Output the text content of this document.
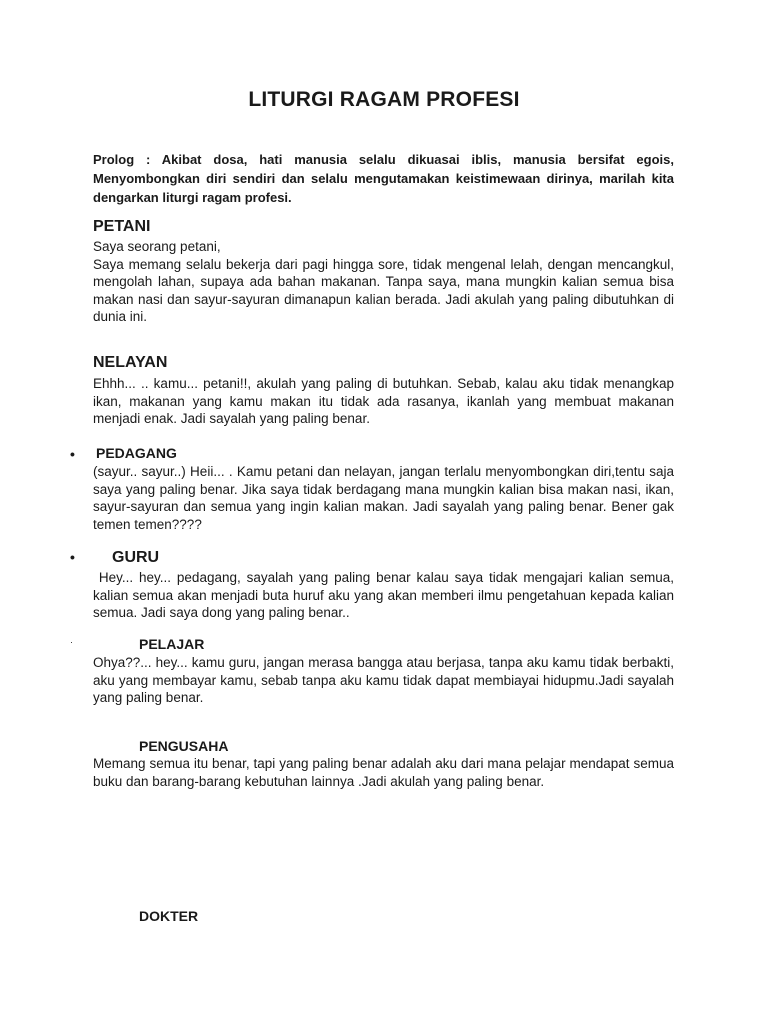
LITURGI RAGAM PROFESI
Prolog : Akibat dosa, hati manusia selalu dikuasai iblis, manusia bersifat egois, Menyombongkan diri sendiri dan selalu mengutamakan keistimewaan dirinya, marilah kita dengarkan liturgi ragam profesi.
PETANI
Saya seorang petani,
Saya memang selalu bekerja dari pagi hingga sore, tidak mengenal lelah, dengan mencangkul, mengolah lahan, supaya ada bahan makanan. Tanpa saya, mana mungkin kalian semua bisa makan nasi dan sayur-sayuran dimanapun kalian berada. Jadi akulah yang paling dibutuhkan di dunia ini.
NELAYAN
Ehhh... .. kamu... petani!!, akulah yang paling di butuhkan. Sebab, kalau aku tidak menangkap ikan, makanan yang kamu makan itu tidak ada rasanya, ikanlah yang membuat makanan menjadi enak. Jadi sayalah yang paling benar.
• PEDAGANG
(sayur.. sayur..) Heii... . Kamu petani dan nelayan, jangan terlalu menyombongkan diri,tentu saja saya yang paling benar. Jika saya tidak berdagang mana mungkin kalian bisa makan nasi, ikan, sayur-sayuran dan semua yang ingin kalian makan. Jadi sayalah yang paling benar. Bener gak temen temen????
• GURU
Hey... hey... pedagang, sayalah yang paling benar kalau saya tidak mengajari kalian semua, kalian semua akan menjadi buta huruf aku yang akan memberi ilmu pengetahuan kepada kalian semua. Jadi saya dong yang paling benar..
·	PELAJAR
Ohya??... hey... kamu guru, jangan merasa bangga atau berjasa, tanpa aku kamu tidak berbakti, aku yang membayar kamu, sebab tanpa aku kamu tidak dapat membiayai hidupmu.Jadi sayalah yang paling benar.
PENGUSAHA
Memang semua itu benar, tapi yang paling benar adalah aku dari mana pelajar mendapat semua buku dan barang-barang kebutuhan lainnya .Jadi akulah yang paling benar.
DOKTER
